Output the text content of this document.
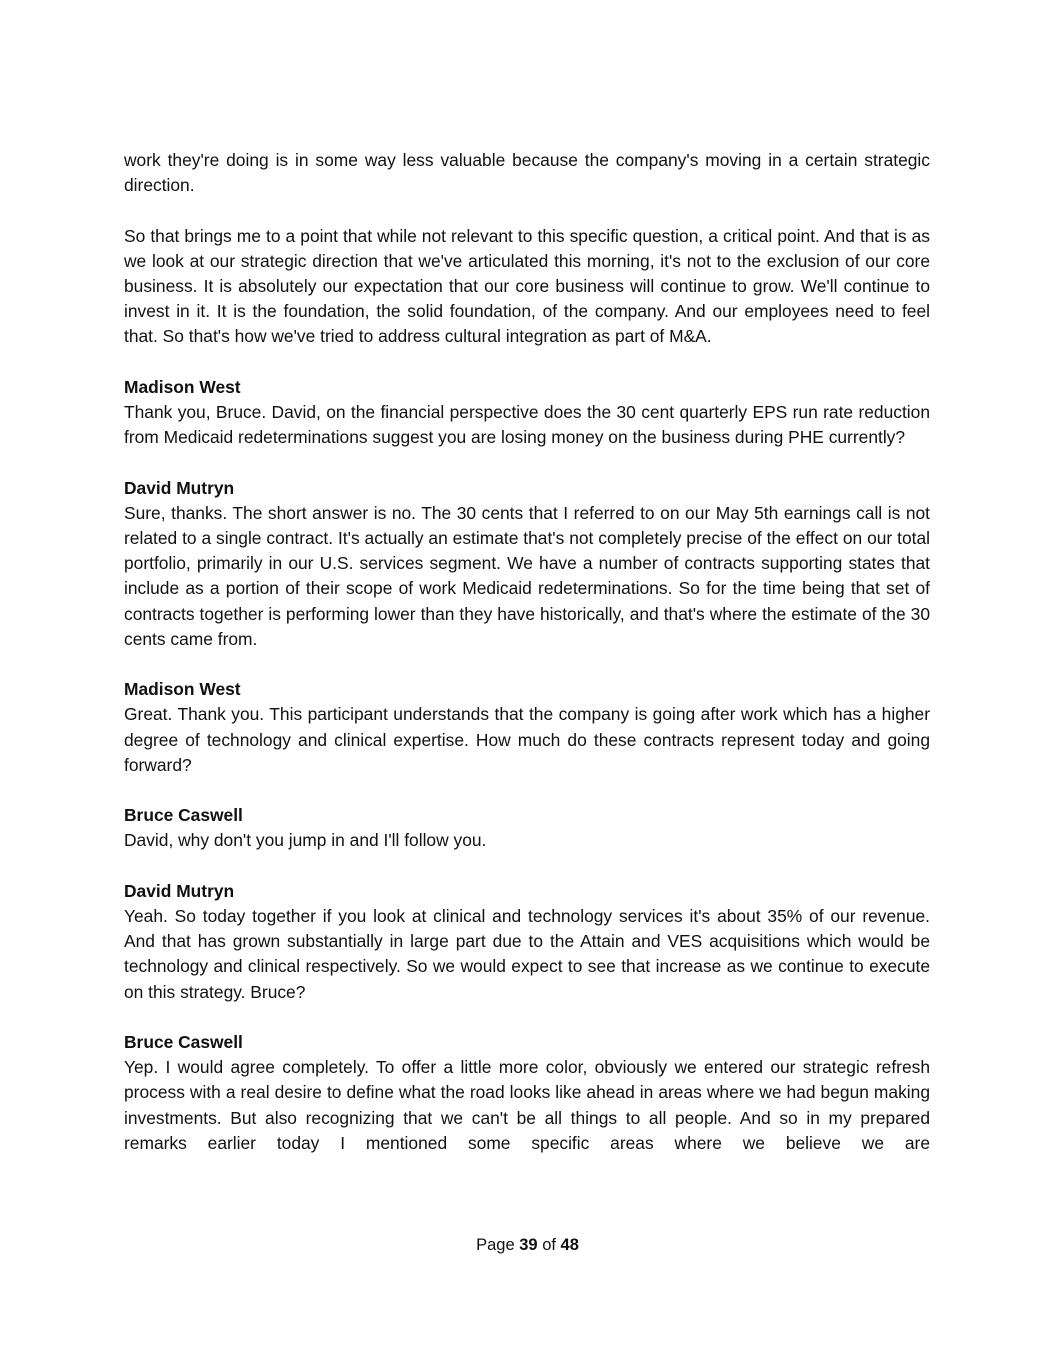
work they're doing is in some way less valuable because the company's moving in a certain strategic direction.
So that brings me to a point that while not relevant to this specific question, a critical point. And that is as we look at our strategic direction that we've articulated this morning, it's not to the exclusion of our core business. It is absolutely our expectation that our core business will continue to grow. We'll continue to invest in it. It is the foundation, the solid foundation, of the company. And our employees need to feel that. So that's how we've tried to address cultural integration as part of M&A.
Madison West
Thank you, Bruce. David, on the financial perspective does the 30 cent quarterly EPS run rate reduction from Medicaid redeterminations suggest you are losing money on the business during PHE currently?
David Mutryn
Sure, thanks. The short answer is no. The 30 cents that I referred to on our May 5th earnings call is not related to a single contract. It's actually an estimate that's not completely precise of the effect on our total portfolio, primarily in our U.S. services segment. We have a number of contracts supporting states that include as a portion of their scope of work Medicaid redeterminations. So for the time being that set of contracts together is performing lower than they have historically, and that's where the estimate of the 30 cents came from.
Madison West
Great. Thank you. This participant understands that the company is going after work which has a higher degree of technology and clinical expertise. How much do these contracts represent today and going forward?
Bruce Caswell
David, why don't you jump in and I'll follow you.
David Mutryn
Yeah. So today together if you look at clinical and technology services it's about 35% of our revenue. And that has grown substantially in large part due to the Attain and VES acquisitions which would be technology and clinical respectively. So we would expect to see that increase as we continue to execute on this strategy. Bruce?
Bruce Caswell
Yep. I would agree completely. To offer a little more color, obviously we entered our strategic refresh process with a real desire to define what the road looks like ahead in areas where we had begun making investments. But also recognizing that we can't be all things to all people. And so in my prepared remarks earlier today I mentioned some specific areas where we believe we are
Page 39 of 48
